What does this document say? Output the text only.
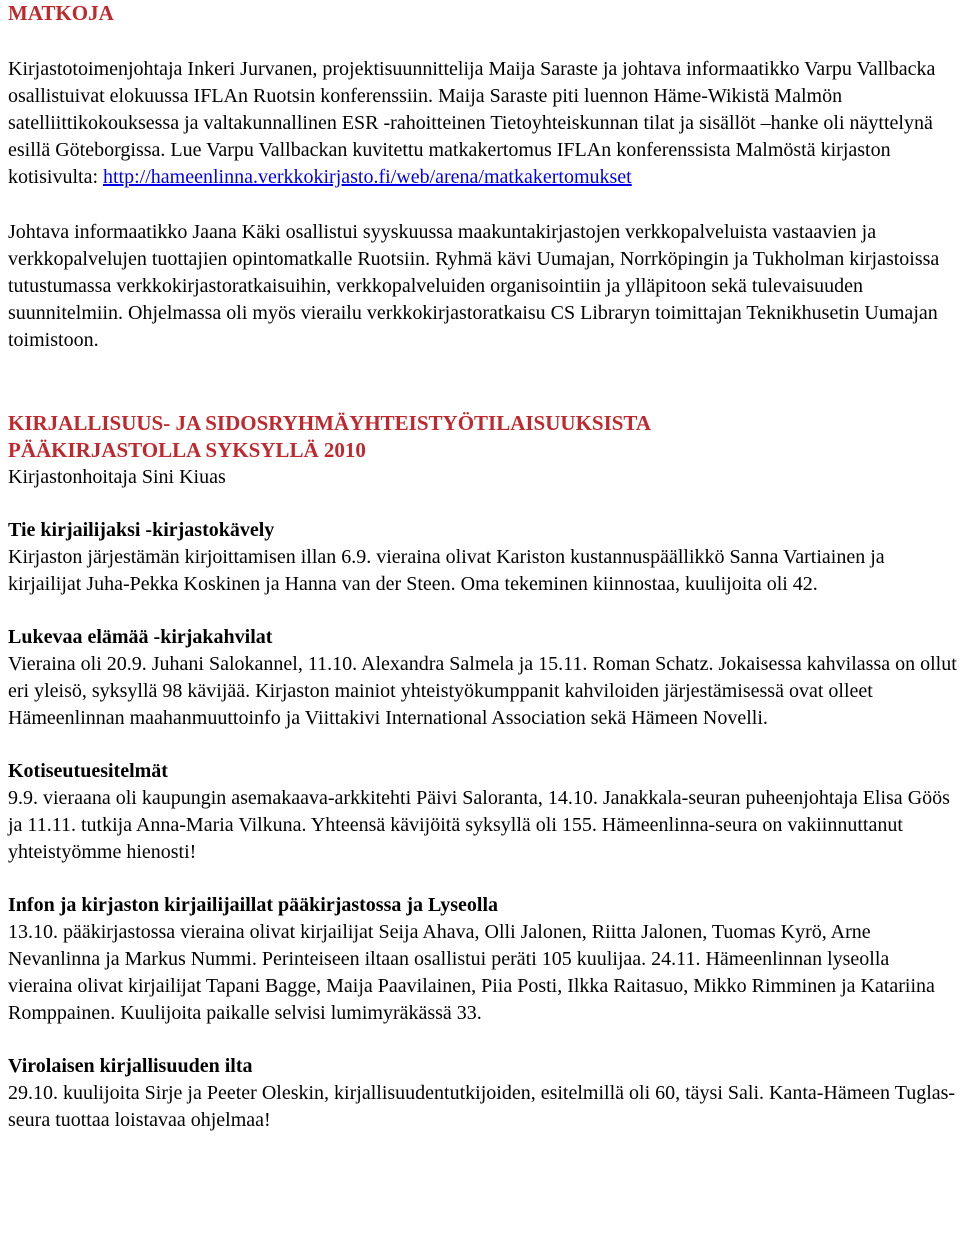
MATKOJA

Kirjastotoimenjohtaja Inkeri Jurvanen, projektisuunnittelija Maija Saraste ja johtava informaatikko Varpu Vallbacka osallistuivat elokuussa IFLAn Ruotsin konferenssiin. Maija Saraste piti luennon Häme-Wikistä Malmön satelliittikokouksessa ja valtakunnallinen ESR -rahoitteinen Tietoyhteiskunnan tilat ja sisällöt –hanke oli näyttelynä esillä Göteborgissa. Lue Varpu Vallbackan kuvitettu matkakertomus IFLAn konferenssista Malmöstä kirjaston kotisivulta: http://hameenlinna.verkkokirjasto.fi/web/arena/matkakertomukset

Johtava informaatikko Jaana Käki osallistui syyskuussa maakuntakirjastojen verkkopalveluista vastaavien ja verkkopalvelujen tuottajien opintomatkalle Ruotsiin. Ryhmä kävi Uumajan, Norrköpingin ja Tukholman kirjastoissa tutustumassa verkkokirjastoratkaisuihin, verkkopalveluiden organisointiin ja ylläpitoon sekä tulevaisuuden suunnitelmiin. Ohjelmassa oli myös vierailu verkkokirjastoratkaisu CS Libraryn toimittajan Teknikhusetin Uumajan toimistoon.

KIRJALLISUUS- JA SIDOSRYHMÄYHTEISTYÖTILAISUUKSISTA
PÄÄKIRJASTOLLA SYKSYLLÄ 2010

Kirjastonhoitaja Sini Kiuas

Tie kirjailijaksi -kirjastokävely

Kirjaston järjestämän kirjoittamisen illan 6.9. vieraina olivat Kariston kustannuspäällikkö Sanna Vartiainen ja kirjailijat Juha-Pekka Koskinen ja Hanna van der Steen. Oma tekeminen kiinnostaa, kuulijoita oli 42.

Lukevaa elämää -kirjakahvilat

Vieraina oli 20.9. Juhani Salokannel, 11.10. Alexandra Salmela ja 15.11. Roman Schatz. Jokaisessa kahvilassa on ollut eri yleisö, syksyllä 98 kävijää. Kirjaston mainiot yhteistyökumppanit kahviloiden järjestämisessä ovat olleet Hämeenlinnan maahanmuuttoinfo ja Viittakivi International Association sekä Hämeen Novelli.

Kotiseutuesitelmät

9.9. vieraana oli kaupungin asemakaava-arkkitehti Päivi Saloranta, 14.10. Janakkala-seuran puheenjohtaja Elisa Göös ja 11.11. tutkija Anna-Maria Vilkuna. Yhteensä kävijöitä syksyllä oli 155. Hämeenlinna-seura on vakiinnuttanut yhteistyömme hienosti!

Infon ja kirjaston kirjailijaillat pääkirjastossa ja Lyseolla

13.10. pääkirjastossa vieraina olivat kirjailijat Seija Ahava, Olli Jalonen, Riitta Jalonen, Tuomas Kyrö, Arne Nevanlinna ja Markus Nummi. Perinteiseen iltaan osallistui peräti 105 kuulijaa. 24.11. Hämeenlinnan lyseolla vieraina olivat kirjailijat Tapani Bagge, Maija Paavilainen, Piia Posti, Ilkka Raitasuo, Mikko Rimminen ja Katariina Romppainen. Kuulijoita paikalle selvisi lumimyräkässä 33.

Virolaisen kirjallisuuden ilta

29.10. kuulijoita Sirje ja Peeter Oleskin, kirjallisuudentutkijoiden, esitelmillä oli 60, täysi Sali. Kanta-Hämeen Tuglas-seura tuottaa loistavaa ohjelmaa!
